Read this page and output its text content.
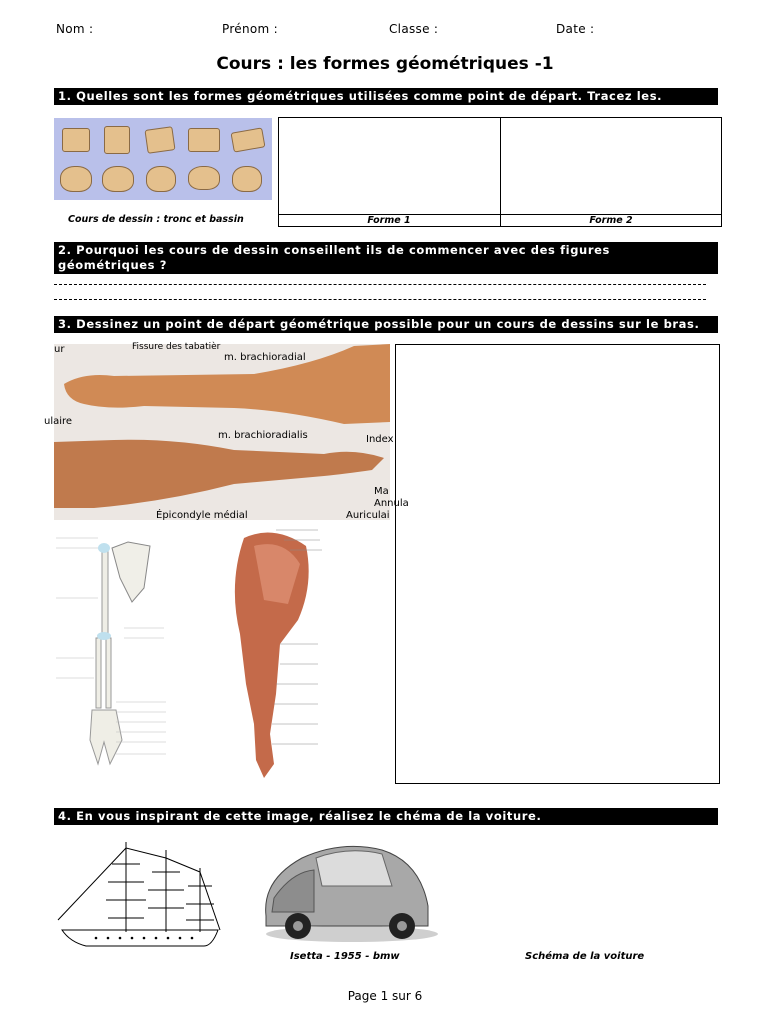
Nom :	Prénom :	Classe :	Date :
Cours : les formes géométriques -1
1. Quelles sont les formes géométriques utilisées comme point de départ. Tracez les.
Cours de dessin : tronc et bassin	Forme 1	Forme 2
2. Pourquoi les cours de dessin conseillent ils de commencer avec des figures
géométriques ?
3. Dessinez un point de départ géométrique possible pour un cours de dessins sur le bras.
ur	Fissure des tabatièr
m. brachioradial
ulaire
m. brachioradialis	Index
Ma
Annula
Auriculai
Épicondyle médial
4. En vous inspirant de cette image, réalisez le chéma de la voiture.
Isetta - 1955 - bmw	Schéma de la voiture
Page 1 sur 6
